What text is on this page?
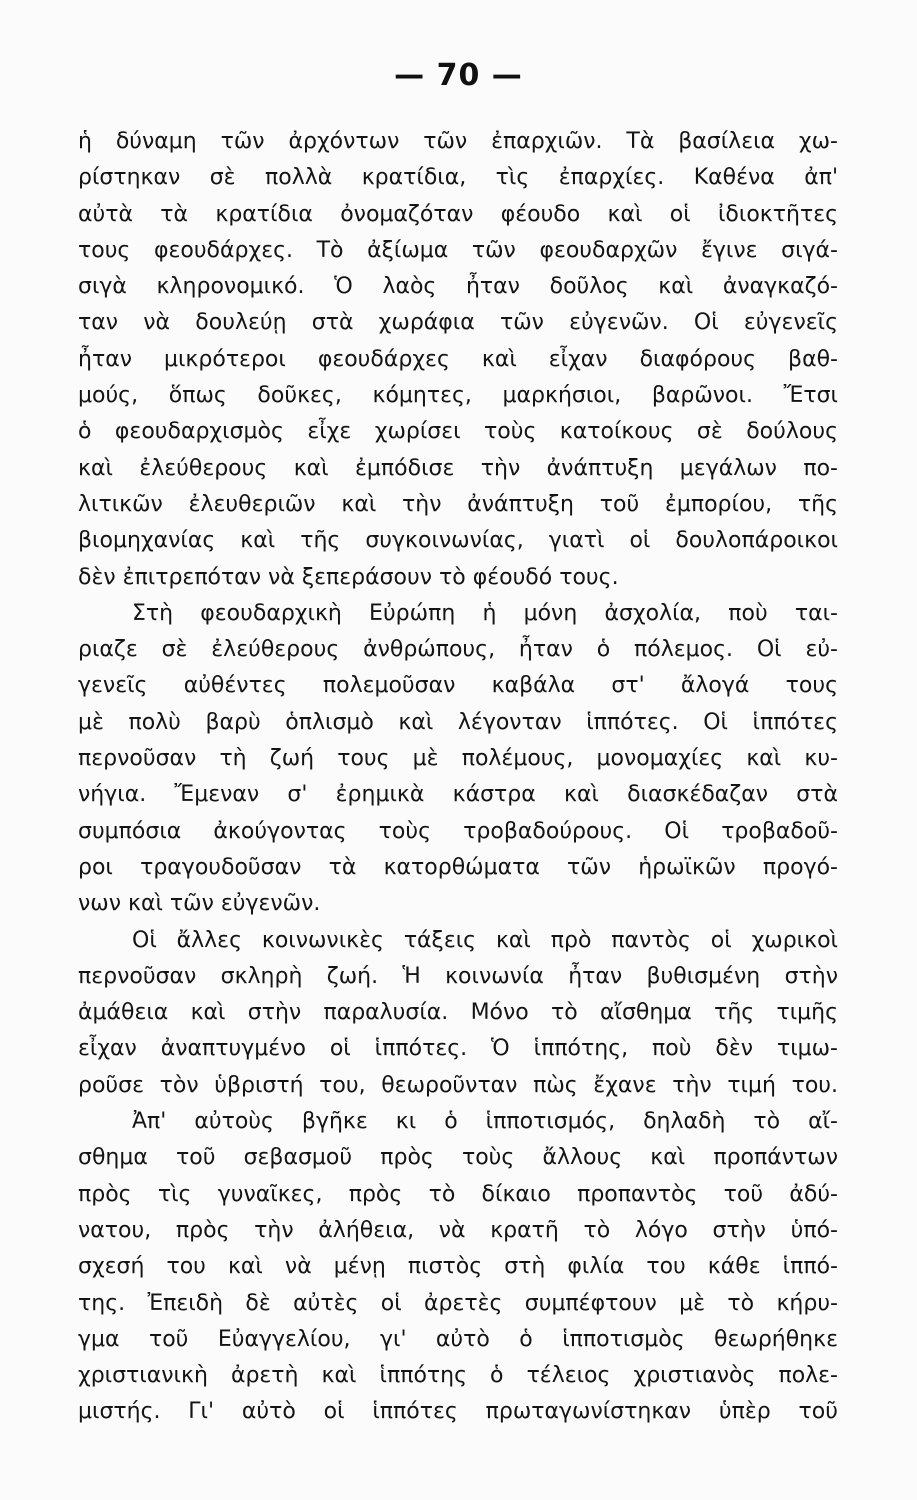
— 70 —
ἡ δύναμη τῶν ἀρχόντων τῶν ἐπαρχιῶν. Τὰ βασίλεια χω-
ρίστηκαν σὲ πολλὰ κρατίδια, τὶς ἐπαρχίες. Καθένα ἀπ'
αὐτὰ τὰ κρατίδια ὀνομαζόταν φέουδο καὶ οἱ ἰδιοκτῆτες
τους φεουδάρχες. Τὸ ἀξίωμα τῶν φεουδαρχῶν ἔγινε σιγά-
σιγὰ κληρονομικό. Ὁ λαὸς ἦταν δοῦλος καὶ ἀναγκαζό-
ταν νὰ δουλεύῃ στὰ χωράφια τῶν εὐγενῶν. Οἱ εὐγενεῖς
ἦταν μικρότεροι φεουδάρχες καὶ εἶχαν διαφόρους βαθ-
μούς, ὅπως δοῦκες, κόμητες, μαρκήσιοι, βαρῶνοι. Ἔτσι
ὁ φεουδαρχισμὸς εἶχε χωρίσει τοὺς κατοίκους σὲ δούλους
καὶ ἐλεύθερους καὶ ἐμπόδισε τὴν ἀνάπτυξη μεγάλων πο-
λιτικῶν ἐλευθεριῶν καὶ τὴν ἀνάπτυξη τοῦ ἐμπορίου, τῆς
βιομηχανίας καὶ τῆς συγκοινωνίας, γιατὶ οἱ δουλοπάροικοι
δὲν ἐπιτρεπόταν νὰ ξεπεράσουν τὸ φέουδό τους.
Στὴ φεουδαρχικὴ Εὐρώπη ἡ μόνη ἀσχολία, ποὺ ται-
ριαζε σὲ ἐλεύθερους ἀνθρώπους, ἦταν ὁ πόλεμος. Οἱ εὐ-
γενεῖς αὐθέντες πολεμοῦσαν καβάλα στ' ἄλογά τους
μὲ πολὺ βαρὺ ὁπλισμὸ καὶ λέγονταν ἱππότες. Οἱ ἱππότες
περνοῦσαν τὴ ζωή τους μὲ πολέμους, μονομαχίες καὶ κυ-
νήγια. Ἔμεναν σ' ἐρημικὰ κάστρα καὶ διασκέδαζαν στὰ
συμπόσια ἀκούγοντας τοὺς τροβαδούρους. Οἱ τροβαδοῦ-
ροι τραγουδοῦσαν τὰ κατορθώματα τῶν ἡρωϊκῶν προγό-
νων καὶ τῶν εὐγενῶν.
Οἱ ἄλλες κοινωνικὲς τάξεις καὶ πρὸ παντὸς οἱ χωρικοὶ
περνοῦσαν σκληρὴ ζωή. Ἡ κοινωνία ἦταν βυθισμένη στὴν
ἀμάθεια καὶ στὴν παραλυσία. Μόνο τὸ αἴσθημα τῆς τιμῆς
εἶχαν ἀναπτυγμένο οἱ ἱππότες. Ὁ ἱππότης, ποὺ δὲν τιμω-
ροῦσε τὸν ὑβριστή του, θεωροῦνταν πὼς ἔχανε τὴν τιμή του.
Ἀπ' αὐτοὺς βγῆκε κι ὁ ἱπποτισμός, δηλαδὴ τὸ αἴ-
σθημα τοῦ σεβασμοῦ πρὸς τοὺς ἄλλους καὶ προπάντων
πρὸς τὶς γυναῖκες, πρὸς τὸ δίκαιο προπαντὸς τοῦ ἀδύ-
νατου, πρὸς τὴν ἀλήθεια, νὰ κρατῆ τὸ λόγο στὴν ὑπό-
σχεσή του καὶ νὰ μένῃ πιστὸς στὴ φιλία του κάθε ἱππό-
της. Ἐπειδὴ δὲ αὐτὲς οἱ ἀρετὲς συμπέφτουν μὲ τὸ κήρυ-
γμα τοῦ Εὐαγγελίου, γι' αὐτὸ ὁ ἱπποτισμὸς θεωρήθηκε
χριστιανικὴ ἀρετὴ καὶ ἱππότης ὁ τέλειος χριστιανὸς πολε-
μιστής. Γι' αὐτὸ οἱ ἱππότες πρωταγωνίστηκαν ὑπὲρ τοῦ
